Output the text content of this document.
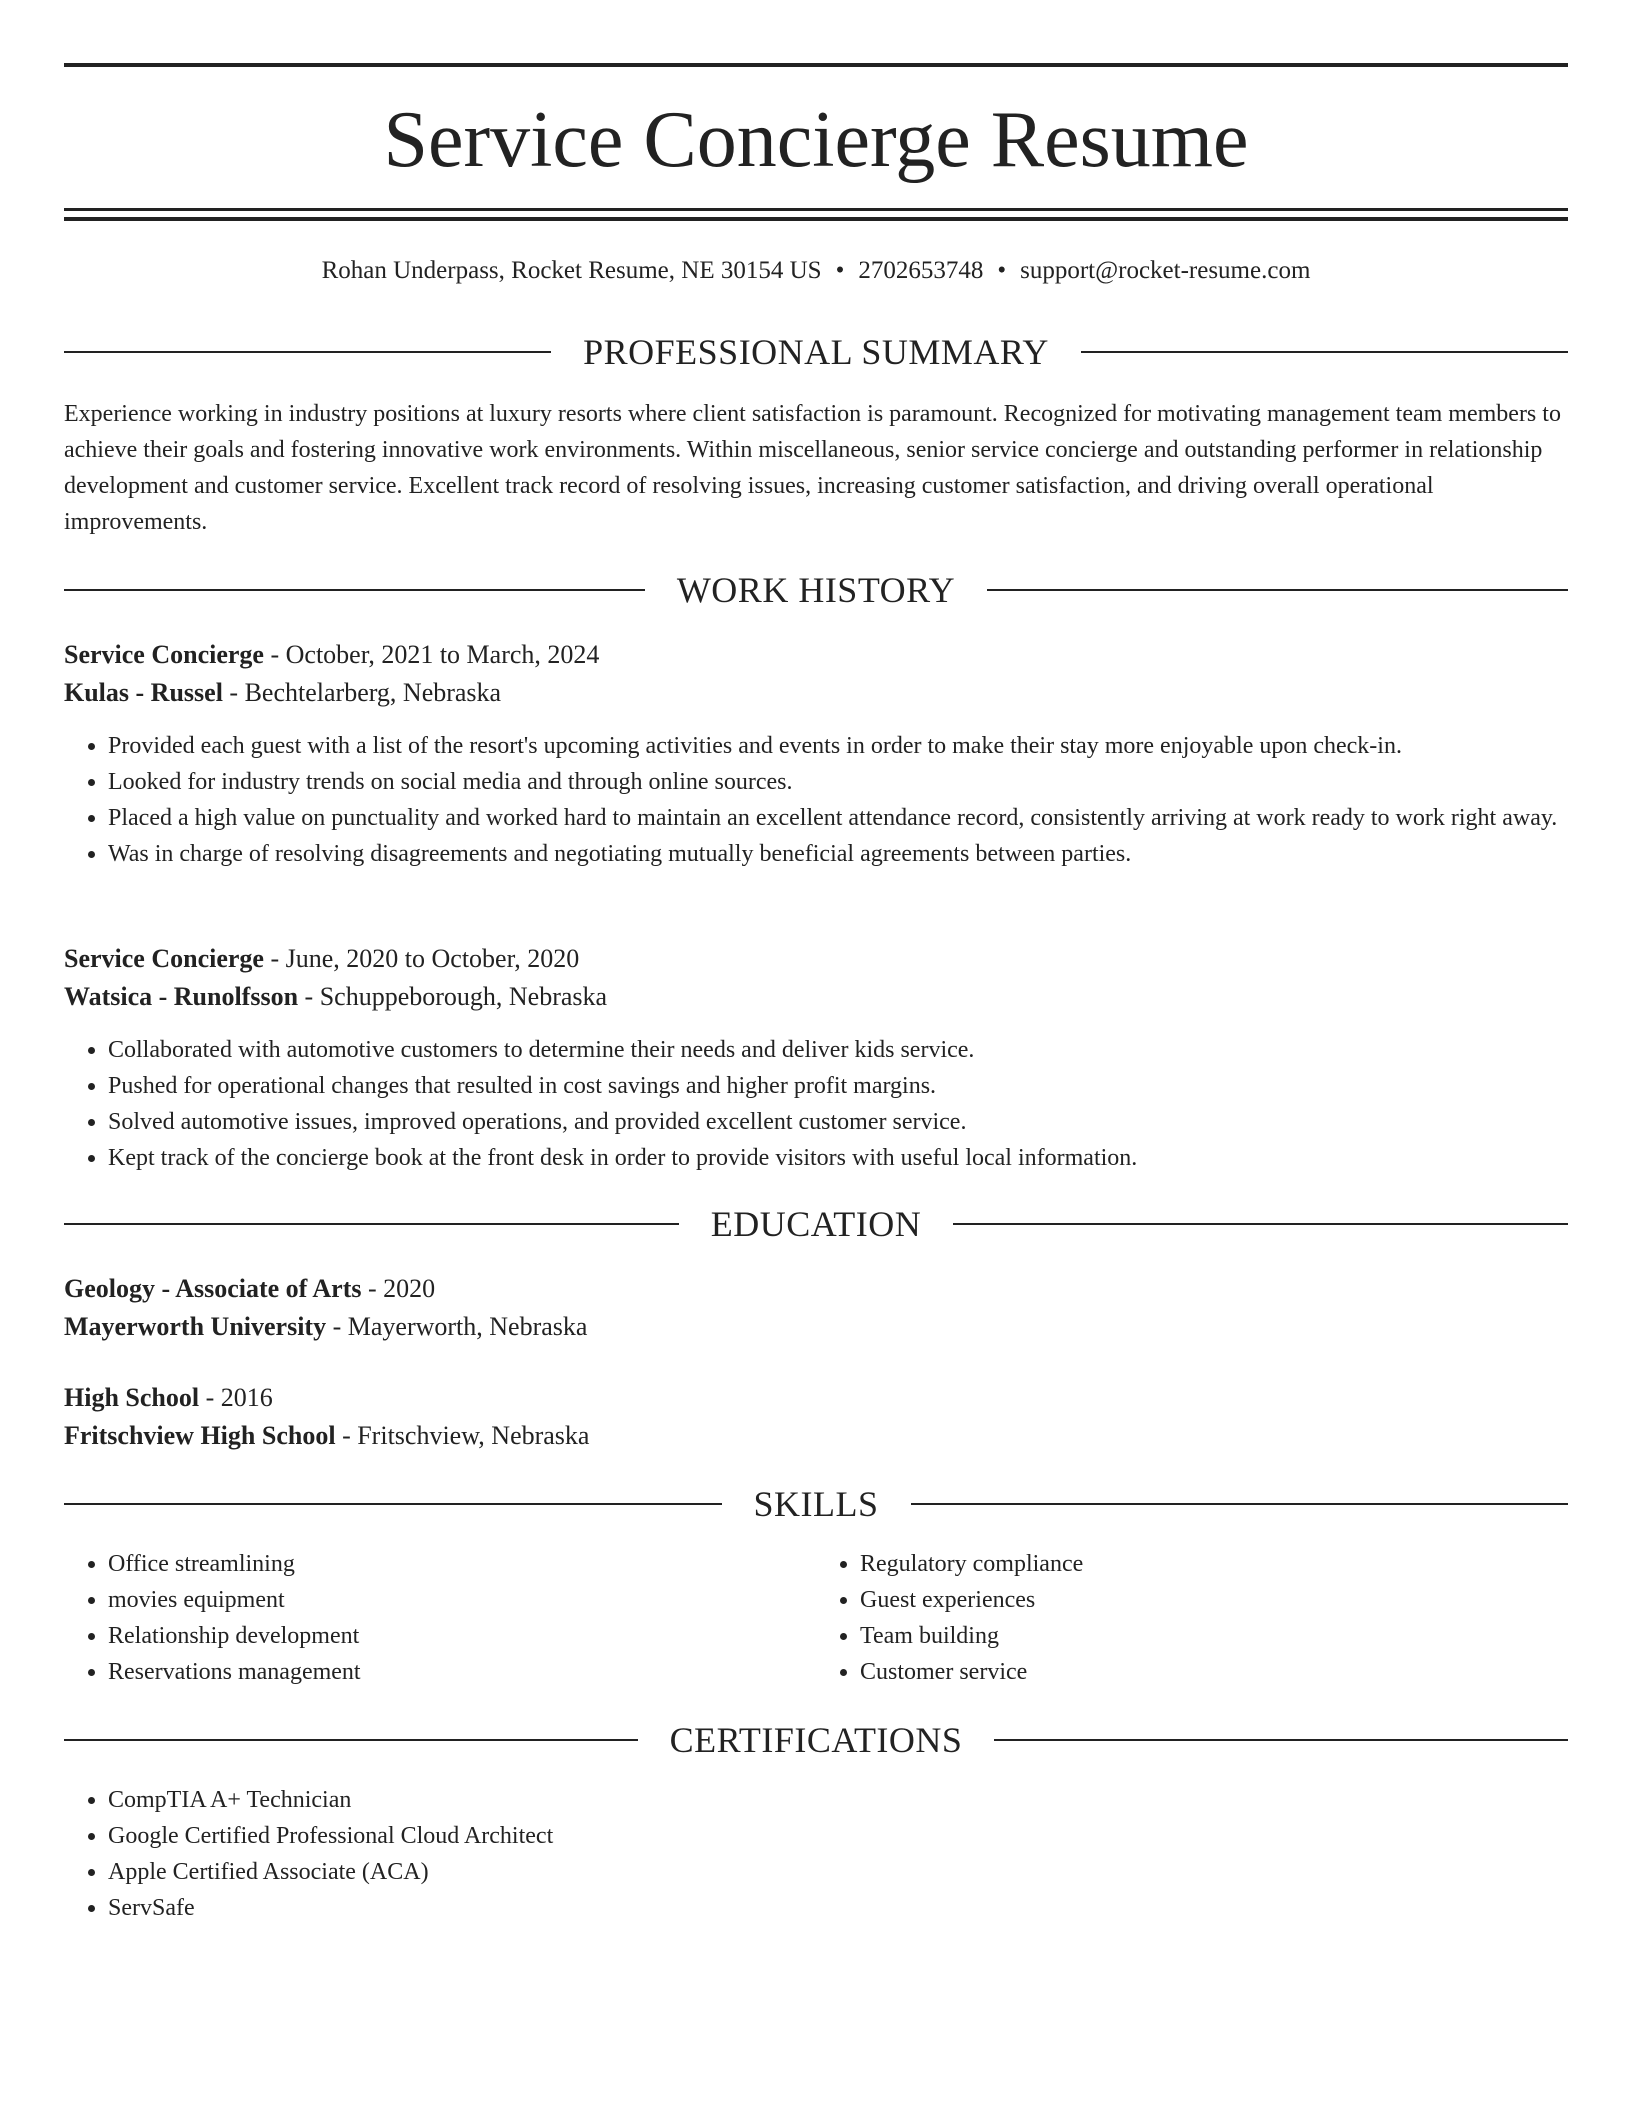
Service Concierge Resume
Rohan Underpass, Rocket Resume, NE 30154 US • 2702653748 • support@rocket-resume.com
PROFESSIONAL SUMMARY

Experience working in industry positions at luxury resorts where client satisfaction is paramount. Recognized for motivating management team members to achieve their goals and fostering innovative work environments. Within miscellaneous, senior service concierge and outstanding performer in relationship development and customer service. Excellent track record of resolving issues, increasing customer satisfaction, and driving overall operational improvements.

WORK HISTORY

Service Concierge - October, 2021 to March, 2024

Kulas - Russel - Bechtelarberg, Nebraska

• Provided each guest with a list of the resort's upcoming activities and events in order to make their stay more enjoyable upon check-in.
• Looked for industry trends on social media and through online sources.
• Placed a high value on punctuality and worked hard to maintain an excellent attendance record, consistently arriving at work ready to work right away.
• Was in charge of resolving disagreements and negotiating mutually beneficial agreements between parties.

Service Concierge - June, 2020 to October, 2020

Watsica - Runolfsson - Schuppeborough, Nebraska

• Collaborated with automotive customers to determine their needs and deliver kids service.
• Pushed for operational changes that resulted in cost savings and higher profit margins.
• Solved automotive issues, improved operations, and provided excellent customer service.
• Kept track of the concierge book at the front desk in order to provide visitors with useful local information.
EDUCATION

Geology - Associate of Arts - 2020

Mayerworth University - Mayerworth, Nebraska

High School - 2016

Fritschview High School - Fritschview, Nebraska

SKILLS
• Office streamlining
• movies equipment
• Relationship development
• Reservations management
• Regulatory compliance
• Guest experiences
• Team building
• Customer service
CERTIFICATIONS
• CompTIA A+ Technician
• Google Certified Professional Cloud Architect
• Apple Certified Associate (ACA)
• ServSafe
